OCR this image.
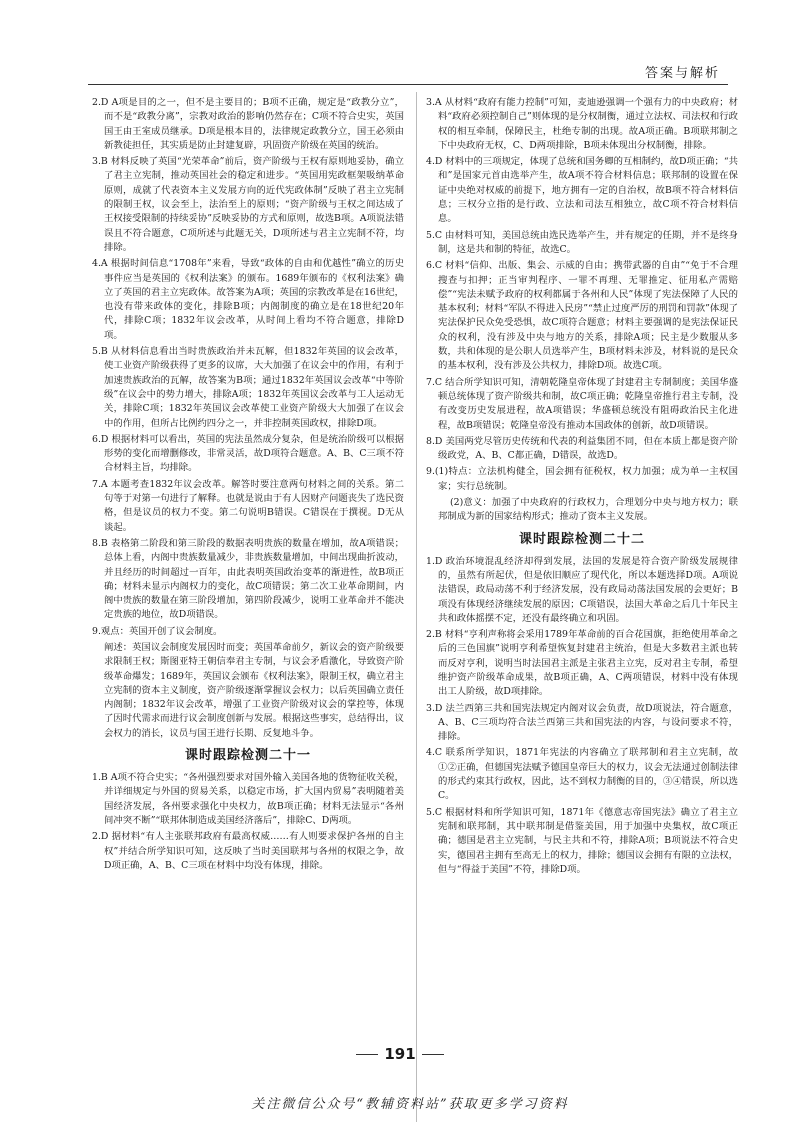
答案与解析
2.D A项是目的之一，但不是主要目的；B项不正确，规定是“政教分立”，而不是“政教分离”，宗教对政治的影响仍然存在；C项不符合史实，英国国王由王室成员继承。D项是根本目的，法律规定政教分立，国王必须由新教徒担任，其实质是防止封建复辟，巩固资产阶级在英国的统治。
3.B 材料反映了英国“光荣革命”前后，资产阶级与王权有原则地妥协，确立了君主立宪制，推动英国社会的稳定和进步。“英国用宪政框架吸纳革命原则，成就了代表资本主义发展方向的近代宪政体制”反映了君主立宪制的限制王权，议会至上，法治至上的原则；“资产阶级与王权之间达成了王权接受限制的持续妥协”反映妥协的方式和原则，故选B项。A项说法错误且不符合题意，C项所述与此题无关，D项所述与君主立宪制不符，均排除。
4.A 根据时间信息“1708年”来看，导致“政体的自由和优越性”确立的历史事件应当是英国的《权利法案》的颁布。1689年颁布的《权利法案》确立了英国的君主立宪政体。故答案为A项；英国的宗教改革是在16世纪，也没有带来政体的变化，排除B项；内阁制度的确立是在18世纪20年代，排除C项；1832年议会改革，从时间上看均不符合题意，排除D项。
5.B 从材料信息看出当时贵族政治并未瓦解，但1832年英国的议会改革，使工业资产阶级获得了更多的议席，大大加强了在议会中的作用，有利于加速贵族政治的瓦解，故答案为B项；通过1832年英国议会改革“中等阶级”在议会中的势力增大，排除A项；1832年英国议会改革与工人运动无关，排除C项；1832年英国议会改革使工业资产阶级大大加强了在议会中的作用，但所占比例约四分之一，并非控制英国政权，排除D项。
6.D 根据材料可以看出，英国的宪法虽然成分复杂，但是统治阶级可以根据形势的变化而增删修改，非常灵活，故D项符合题意。A、B、C三项不符合材料主旨，均排除。
7.A 本题考查1832年议会改革。解答时要注意两句材料之间的关系。第二句等于对第一句进行了解释。也就是说由于有人因财产问题丧失了选民资格，但是议员的权力不变。第二句说明B错误。C错误在于撰视。D无从谈起。
8.B 表格第二阶段和第三阶段的数据表明贵族的数量在增加，故A项错误；总体上看，内阁中贵族数量减少，非贵族数量增加，中间出现曲折波动，并且经历的时间超过一百年，由此表明英国政治变革的渐进性，故B项正确；材料未显示内阁权力的变化，故C项错误；第二次工业革命期间，内阁中贵族的数量在第三阶段增加，第四阶段减少，说明工业革命并不能决定贵族的地位，故D项错误。
9.观点：英国开创了议会制度。
阐述：英国议会制度发展因时而变；英国革命前夕，新议会的资产阶级要求限制王权；斯图亚特王朝信奉君主专制，与议会矛盾激化，导致资产阶级革命爆发；1689年，英国议会颁布《权利法案》，限制王权，确立君主立宪制的资本主义制度，资产阶级逐渐掌握议会权力；以后英国确立责任内阁制；1832年议会改革，增强了工业资产阶级对议会的掌控等，体现了因时代需求而进行议会制度创新与发展。根据这些事实，总结得出，议会权力的消长，议员与国王进行长期、反复地斗争。
课时跟踪检测二十一
1.B A项不符合史实；“各州强烈要求对国外输入美国各地的货物征收关税，并详细规定与外国的贸易关系，以稳定市场，扩大国内贸易”表明随着美国经济发展，各州要求强化中央权力，故B项正确；材料无法显示“各州间冲突不断”“联邦体制造成美国经济落后”，排除C、D两项。
2.D 据材料“有人主张联邦政府有最高权威……有人则要求保护各州的自主权”并结合所学知识可知，这反映了当时美国联邦与各州的权限之争，故D项正确，A、B、C三项在材料中均没有体现，排除。
3.A 从材料“政府有能力控制”可知，麦迪逊强调一个强有力的中央政府；材料“政府必须控制自己”则体现的是分权制衡，通过立法权、司法权和行政权的相互牵制，保障民主，杜绝专制的出现。故A项正确。B项联邦制之下中央政府无权，C、D两项排除，B项未体现出分权制衡，排除。
4.D 材料中的三项规定，体现了总统和国务卿的互相制约，故D项正确；“共和”是国家元首由选举产生，故A项不符合材料信息；联邦制的设置在保证中央绝对权威的前提下，地方拥有一定的自治权，故B项不符合材料信息；三权分立指的是行政、立法和司法互相独立，故C项不符合材料信息。
5.C 由材料可知，美国总统由选民选举产生，并有规定的任期，并不是终身制，这是共和制的特征，故选C。
6.C 材料“信仰、出版、集会、示威的自由；携带武器的自由”“免于不合理搜查与扣押；正当审判程序、一罪不再理、无罪推定、征用私产需赔偿”“宪法未赋予政府的权利都属于各州和人民”体现了宪法保障了人民的基本权利；材料“军队不得进入民房”“禁止过度严厉的刑罚和罚款”体现了宪法保护民众免受恐惧，故C项符合题意；材料主要强调的是宪法保证民众的权利，没有涉及中央与地方的关系，排除A项；民主是少数服从多数，共和体现的是公职人员选举产生，B项材料未涉及，材料说的是民众的基本权利，没有涉及公共权力，排除D项。故选C项。
7.C 结合所学知识可知，清朝乾隆皇帝体现了封建君主专制制度；美国华盛顿总统体现了资产阶级共和制，故C项正确；乾隆皇帝推行君主专制，没有改变历史发展进程，故A项错误；华盛顿总统没有阻碍政治民主化进程，故B项错误；乾隆皇帝没有推动本国政体的创新，故D项错误。
8.D 美国两党尽管历史传统和代表的利益集团不同，但在本质上都是资产阶级政党，A、B、C都正确，D错误，故选D。
9.(1)特点：立法机构健全，国会拥有征税权，权力加强；成为单一主权国家；实行总统制。
(2)意义：加强了中央政府的行政权力，合理划分中央与地方权力；联邦制成为新的国家结构形式；推动了资本主义发展。
课时跟踪检测二十二
1.D 政治环境混乱经济却得到发展，法国的发展是符合资产阶级发展规律的，虽然有所起伏，但是依旧顺应了现代化，所以本题选择D项。A项说法错误，政局动荡不利于经济发展，没有政局动荡法国发展的会更好；B项没有体现经济继续发展的原因；C项错误，法国大革命之后几十年民主共和政体摇摆不定，还没有最终确立和巩固。
2.B 材料“亨利声称将会采用1789年革命前的百合花国旗，拒绝使用革命之后的三色国旗”说明亨利希望恢复封建君主统治，但是大多数君主派也转而反对亨利，说明当时法国君主派是主张君主立宪，反对君主专制，希望维护资产阶级革命成果，故B项正确，A、C两项错误，材料中没有体现出工人阶级，故D项排除。
3.D 法兰西第三共和国宪法规定内阁对议会负责，故D项说法，符合题意，A、B、C三项均符合法兰西第三共和国宪法的内容，与设问要求不符，排除。
4.C 联系所学知识，1871年宪法的内容确立了联邦制和君主立宪制，故①②正确，但德国宪法赋予德国皇帝巨大的权力，议会无法通过创制法律的形式约束其行政权，因此，达不到权力制衡的目的，③④错误，所以选C。
5.C 根据材料和所学知识可知，1871年《德意志帝国宪法》确立了君主立宪制和联邦制，其中联邦制是借鉴美国，用于加强中央集权，故C项正确；德国是君主立宪制，与民主共和不符，排除A项；B项说法不符合史实，德国君主拥有至高无上的权力，排除；德国议会拥有有限的立法权，但与“得益于美国”不符，排除D项。
191
关注微信公众号“教辅资料站”获取更多学习资料
